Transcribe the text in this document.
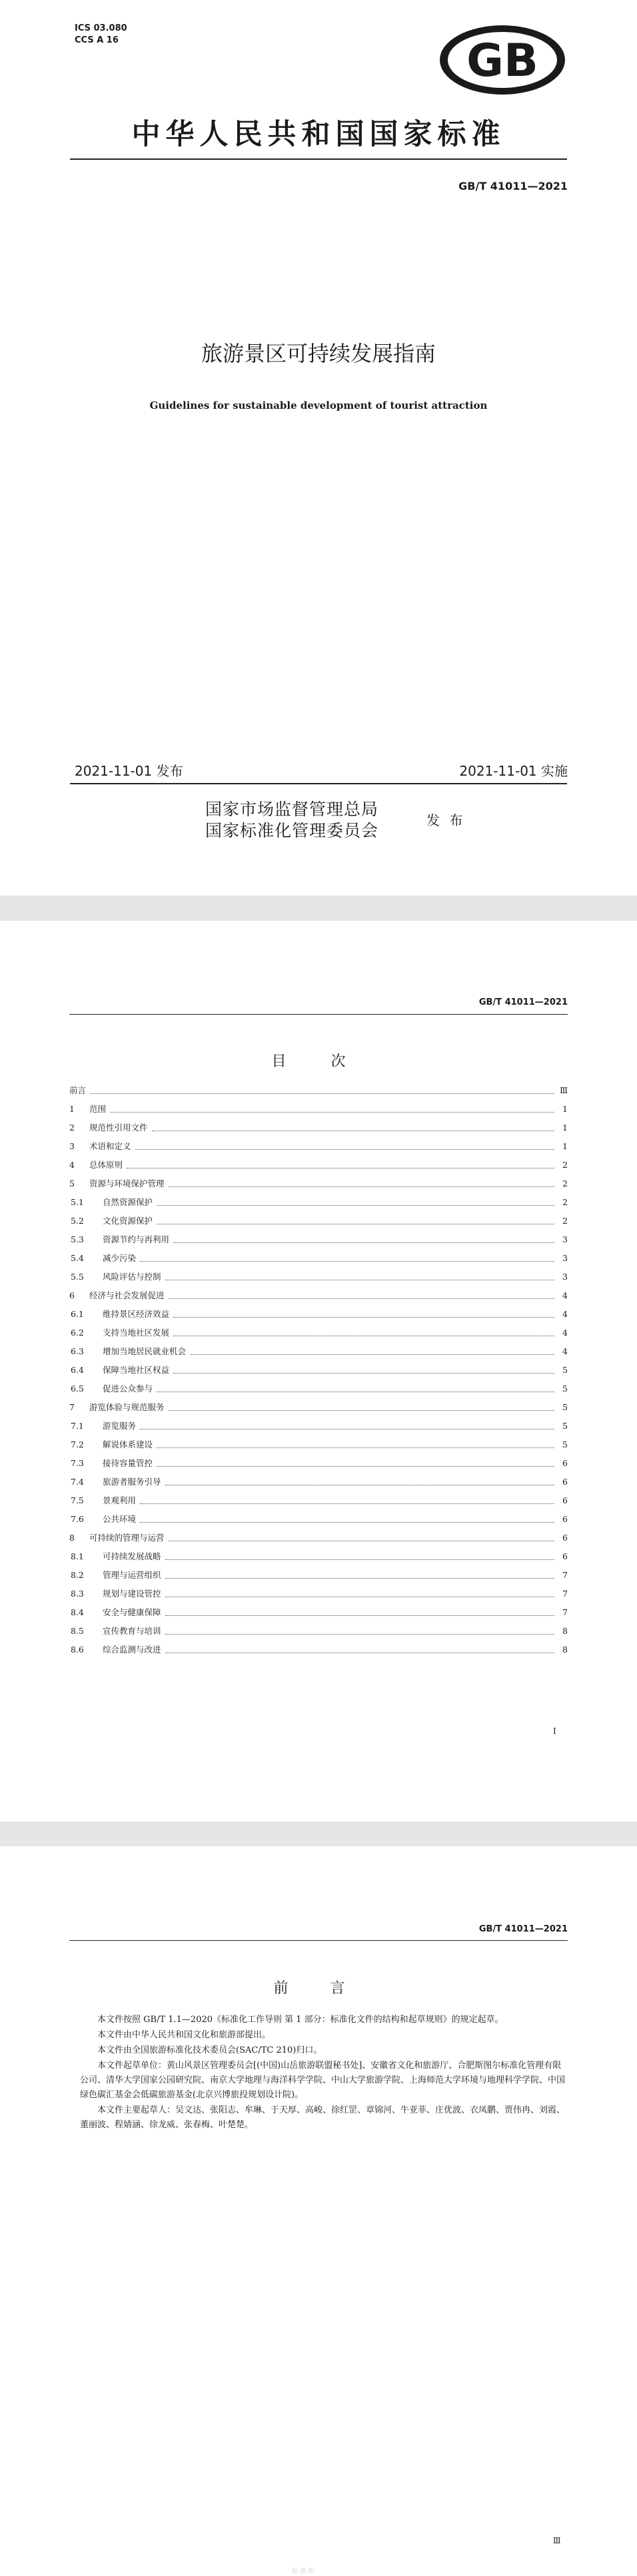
ICS 03.080
CCS A 16	GB
中华人民共和国国家标准
GB/T 41011—2021
旅游景区可持续发展指南
Guidelines for sustainable development of tourist attraction
2021-11-01 发布	2021-11-01 实施
国家市场监督管理总局
国家标准化管理委员会
发 布
GB/T 41011—2021
目 次
前言	Ⅲ
1	范围	1
2	规范性引用文件	1
3	术语和定义	1
4	总体原则	2
5	资源与环境保护管理	2
5.1	自然资源保护	2
5.2	文化资源保护	2
5.3	资源节约与再利用	3
5.4	减少污染	3
5.5	风险评估与控制	3
6	经济与社会发展促进	4
6.1	维持景区经济效益	4
6.2	支持当地社区发展	4
6.3	增加当地居民就业机会	4
6.4	保障当地社区权益	5
6.5	促进公众参与	5
7	游览体验与规范服务	5
7.1	游览服务	5
7.2	解说体系建设	5
7.3	接待容量管控	6
7.4	旅游者服务引导	6
7.5	景观利用	6
7.6	公共环境	6
8	可持续的管理与运营	6
8.1	可持续发展战略	6
8.2	管理与运营组织	7
8.3	规划与建设管控	7
8.4	安全与健康保障	7
8.5	宣传教育与培训	8
8.6	综合监测与改进	8
Ⅰ
GB/T 41011—2021
前 言

本文件按照 GB/T 1.1—2020《标准化工作导则 第 1 部分：标准化文件的结构和起草规则》的规定起草。

本文件由中华人民共和国文化和旅游部提出。

本文件由全国旅游标准化技术委员会(SAC/TC 210)归口。

本文件起草单位：黄山风景区管理委员会[(中国)山岳旅游联盟秘书处]、安徽省文化和旅游厅、合肥斯图尔标准化管理有限公司、清华大学国家公园研究院、南京大学地理与海洋科学学院、中山大学旅游学院、上海师范大学环境与地理科学学院、中国绿色碳汇基金会低碳旅游基金(北京兴博旅投规划设计院)。

本文件主要起草人：吴文达、张阳志、牟琳、于天厚、高峻、徐红罡、章锦河、牛亚菲、庄优波、衣凤鹏、贾伟冉、刘霞、董丽波、程婧涵、徐龙威、张春梅、叶楚楚。

Ⅲ
标准库
